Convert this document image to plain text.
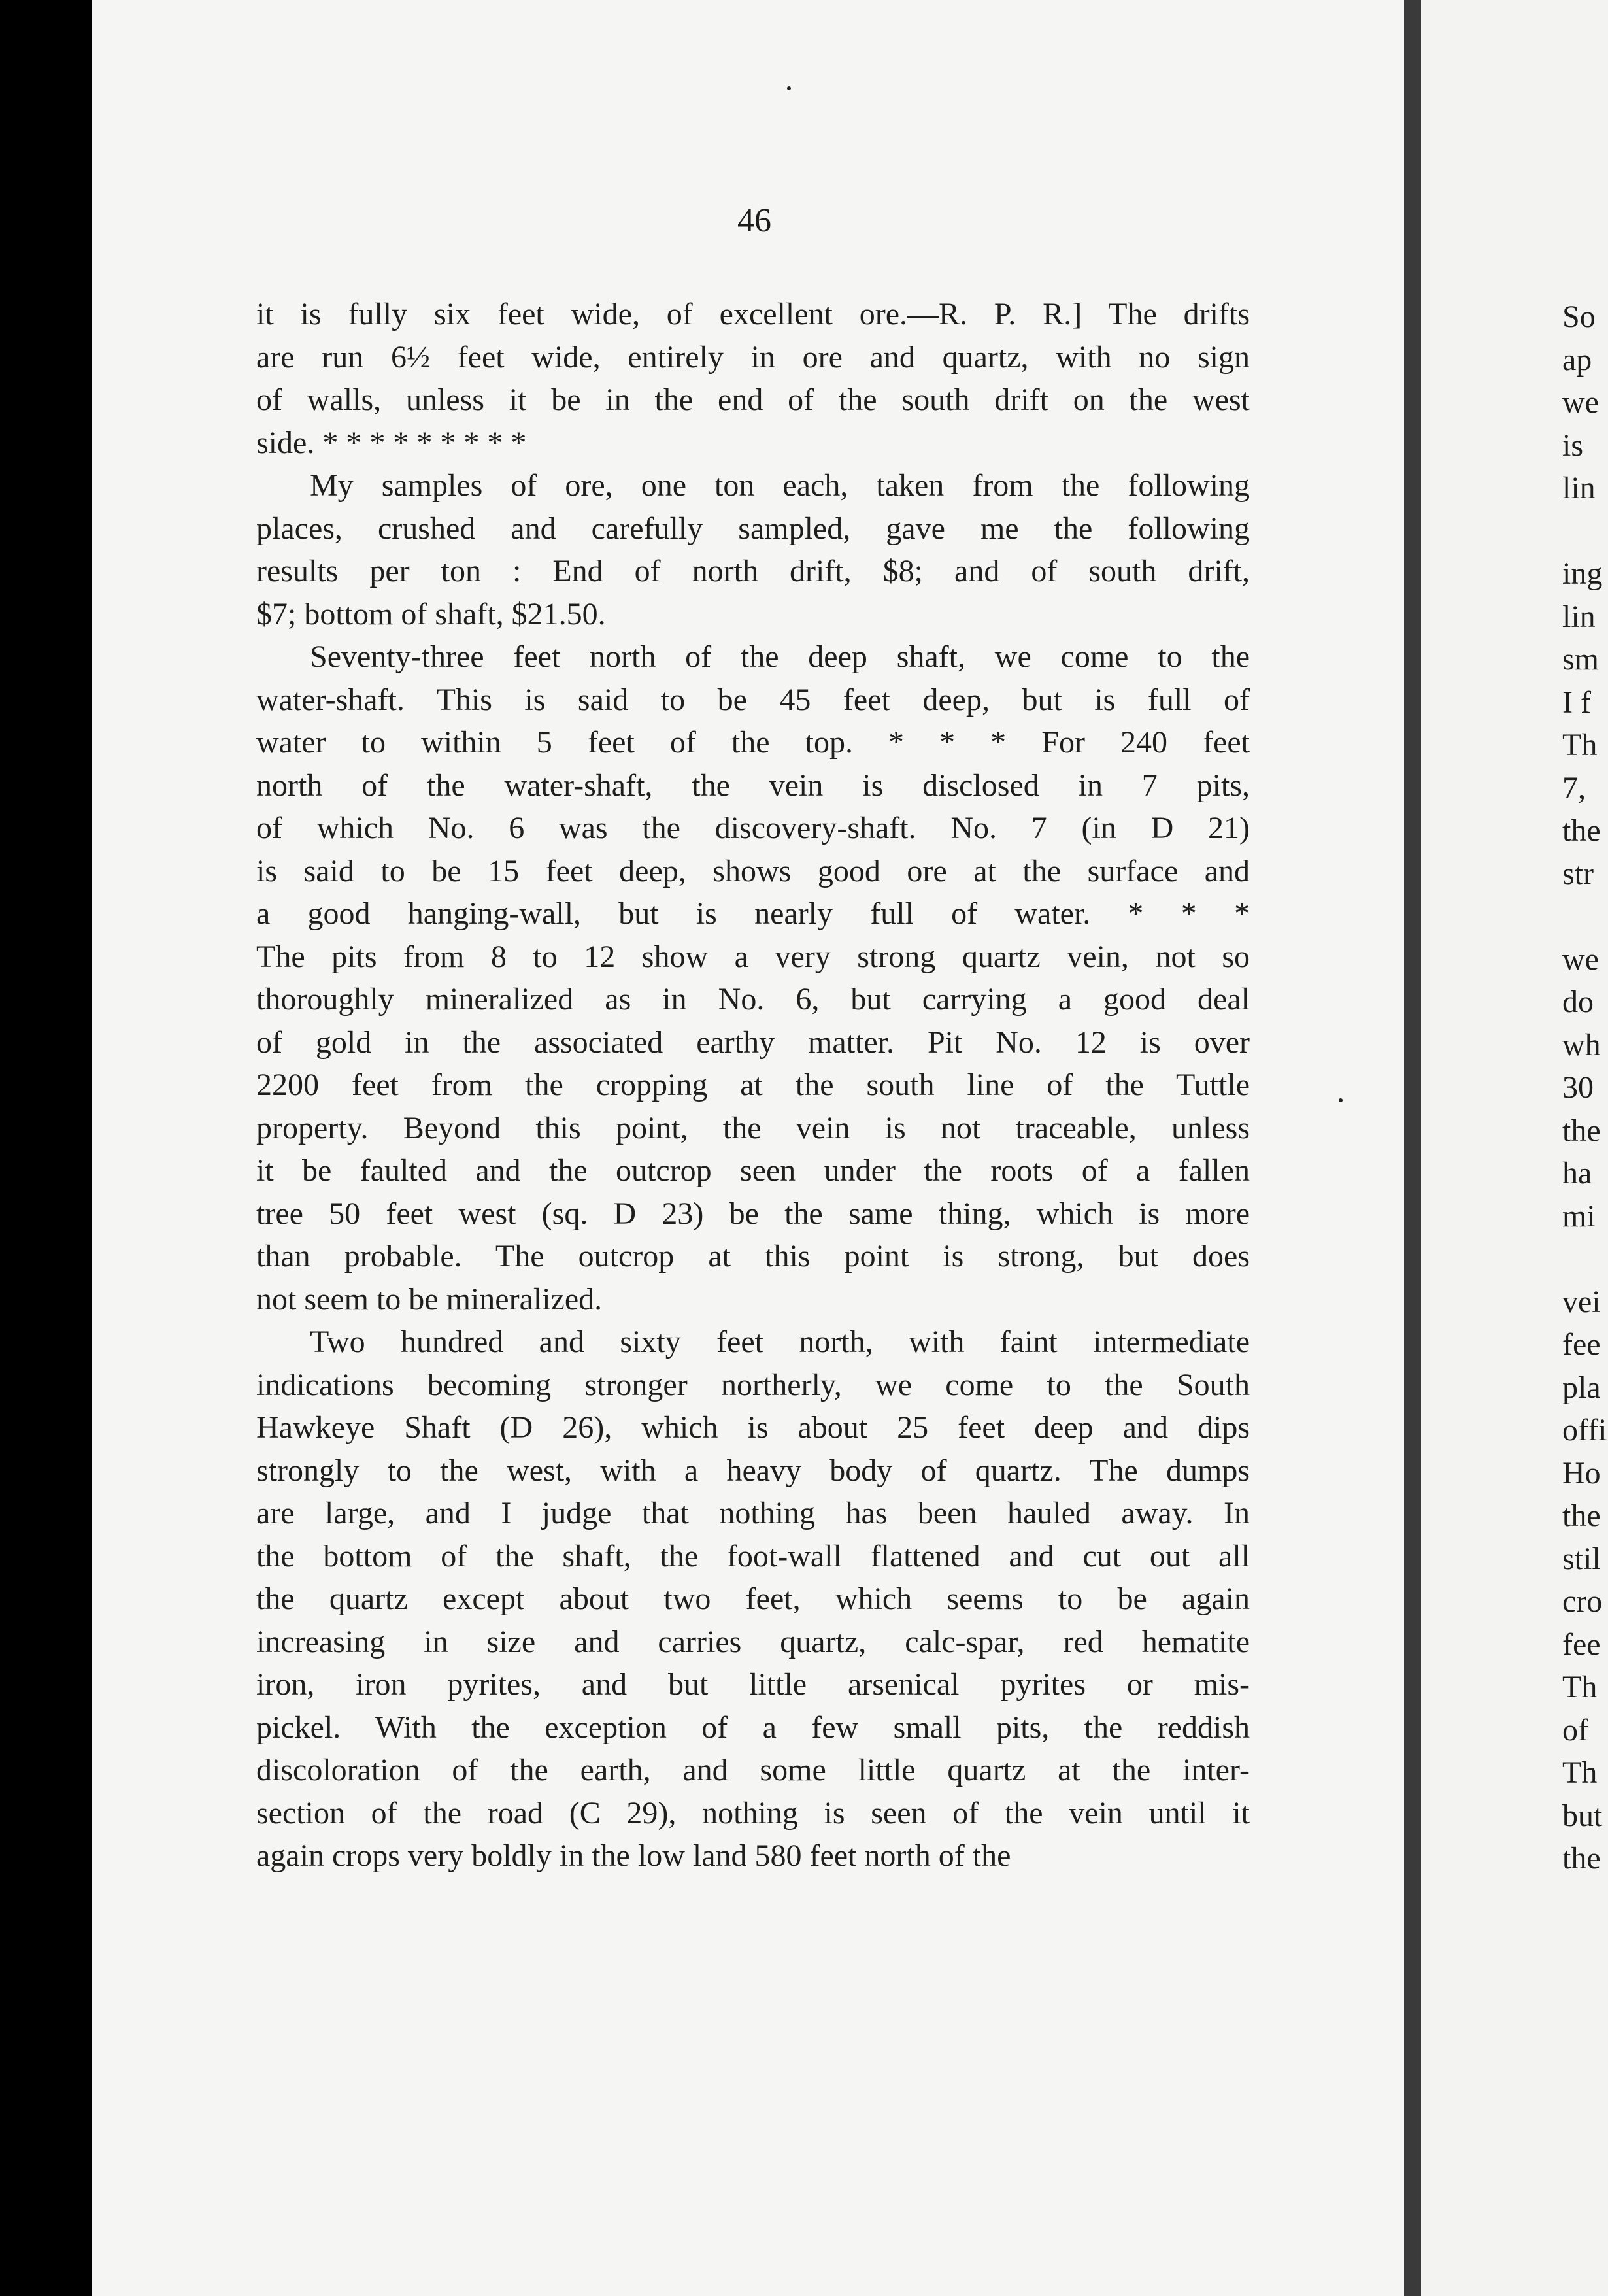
46
it is fully six feet wide, of excellent ore.—R. P. R.] The drifts
are run 6½ feet wide, entirely in ore and quartz, with no sign
of walls, unless it be in the end of the south drift on the west
side. * * * * * * * * *
My samples of ore, one ton each, taken from the following
places, crushed and carefully sampled, gave me the following
results per ton : End of north drift, $8; and of south drift,
$7; bottom of shaft, $21.50.
Seventy-three feet north of the deep shaft, we come to the
water-shaft. This is said to be 45 feet deep, but is full of
water to within 5 feet of the top. * * * For 240 feet
north of the water-shaft, the vein is disclosed in 7 pits,
of which No. 6 was the discovery-shaft. No. 7 (in D 21)
is said to be 15 feet deep, shows good ore at the surface and
a good hanging-wall, but is nearly full of water. * * *
The pits from 8 to 12 show a very strong quartz vein, not so
thoroughly mineralized as in No. 6, but carrying a good deal
of gold in the associated earthy matter. Pit No. 12 is over
2200 feet from the cropping at the south line of the Tuttle
property. Beyond this point, the vein is not traceable, unless
it be faulted and the outcrop seen under the roots of a fallen
tree 50 feet west (sq. D 23) be the same thing, which is more
than probable. The outcrop at this point is strong, but does
not seem to be mineralized.
Two hundred and sixty feet north, with faint intermediate
indications becoming stronger northerly, we come to the South
Hawkeye Shaft (D 26), which is about 25 feet deep and dips
strongly to the west, with a heavy body of quartz. The dumps
are large, and I judge that nothing has been hauled away. In
the bottom of the shaft, the foot-wall flattened and cut out all
the quartz except about two feet, which seems to be again
increasing in size and carries quartz, calc-spar, red hematite
iron, iron pyrites, and but little arsenical pyrites or mis-
pickel. With the exception of a few small pits, the reddish
discoloration of the earth, and some little quartz at the inter-
section of the road (C 29), nothing is seen of the vein until it
again crops very boldly in the low land 580 feet north of the
So
ap
we
is
lin
ing
lin
sm
I f
Th
7,
the
str
we
do
wh
30
the
ha
mi
vei
fee
pla
offi
Ho
the
stil
cro
fee
Th
of
Th
but
the
